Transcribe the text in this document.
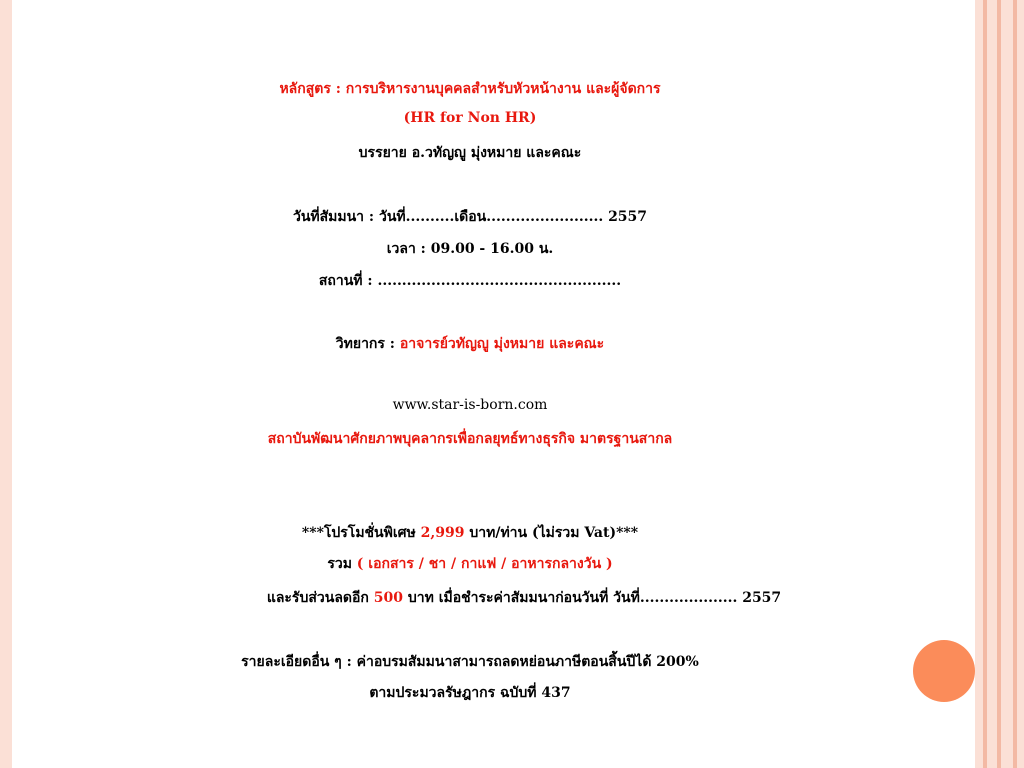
หลักสูตร : การบริหารงานบุคคลสำหรับหัวหน้างาน และผู้จัดการ
(HR for Non HR)
บรรยาย อ.วทัญญู มุ่งหมาย และคณะ
วันที่สัมมนา : วันที่..........เดือน........................ 2557
เวลา : 09.00 - 16.00 น.
สถานที่ : ..................................................
วิทยากร : อาจารย์วทัญญู มุ่งหมาย และคณะ
www.star-is-born.com
สถาบันพัฒนาศักยภาพบุคลากรเพื่อกลยุทธ์ทางธุรกิจ มาตรฐานสากล
***โปรโมชั่นพิเศษ 2,999 บาท/ท่าน (ไม่รวม Vat)***
รวม ( เอกสาร / ชา / กาแฟ / อาหารกลางวัน )
และรับส่วนลดอีก 500 บาท เมื่อชำระค่าสัมมนาก่อนวันที่ วันที่.................... 2557
รายละเอียดอื่น ๆ : ค่าอบรมสัมมนาสามารถลดหย่อนภาษีตอนสิ้นปีได้ 200%
ตามประมวลรัษฎากร ฉบับที่ 437
